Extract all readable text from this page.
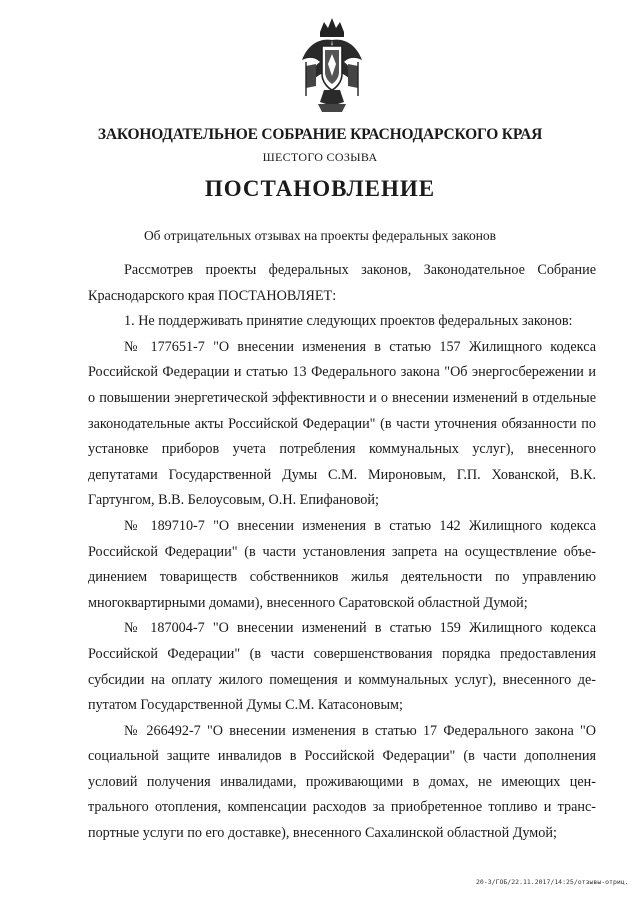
ЗАКОНОДАТЕЛЬНОЕ СОБРАНИЕ КРАСНОДАРСКОГО КРАЯ
ШЕСТОГО СОЗЫВА
ПОСТАНОВЛЕНИЕ
Об отрицательных отзывах на проекты федеральных законов

Рассмотрев проекты федеральных законов, Законодательное Собрание Краснодарского края ПОСТАНОВЛЯЕТ:

1. Не поддерживать принятие следующих проектов федеральных законов:

№ 177651-7 "О внесении изменения в статью 157 Жилищного кодекса Российской Федерации и статью 13 Федерального закона "Об энергосбережении и о повышении энергетической эффективности и о внесении изменений в отдельные законодательные акты Российской Федерации" (в части уточнения обязанности по установке приборов учета потребления коммунальных услуг), внесенного депутатами Государственной Думы С.М. Мироновым, Г.П. Хованской, В.К. Гартунгом, В.В. Белоусовым, О.Н. Епифановой;

№ 189710-7 "О внесении изменения в статью 142 Жилищного кодекса Российской Федерации" (в части установления запрета на осуществление объединением товариществ собственников жилья деятельности по управлению многоквартирными домами), внесенного Саратовской областной Думой;

№ 187004-7 "О внесении изменений в статью 159 Жилищного кодекса Российской Федерации" (в части совершенствования порядка предоставления субсидии на оплату жилого помещения и коммунальных услуг), внесенного депутатом Государственной Думы С.М. Катасоновым;

№ 266492-7 "О внесении изменения в статью 17 Федерального закона "О социальной защите инвалидов в Российской Федерации" (в части дополнения условий получения инвалидами, проживающими в домах, не имеющих центрального отопления, компенсации расходов за приобретенное топливо и транспортные услуги по его доставке), внесенного Сахалинской областной Думой;

20-3/ГОБ/22.11.2017/14:25/отзывы-отриц.
